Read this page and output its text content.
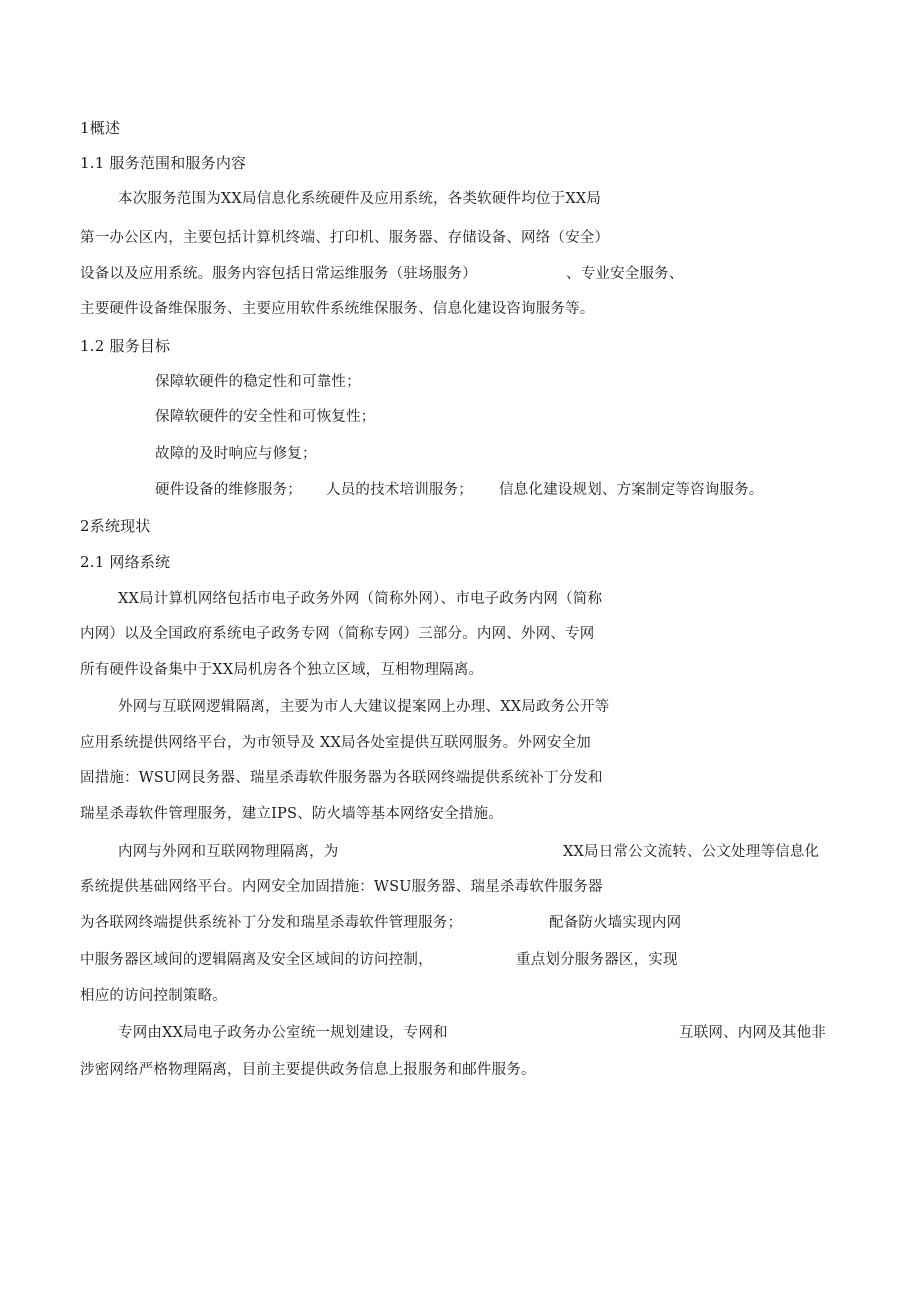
1概述
1.1 服务范围和服务内容
本次服务范围为XX局信息化系统硬件及应用系统，各类软硬件均位于XX局
第一办公区内，主要包括计算机终端、打印机、服务器、存储设备、网络（安全）
设备以及应用系统。服务内容包括日常运维服务（驻场服务）	、专业安全服务、
主要硬件设备维保服务、主要应用软件系统维保服务、信息化建设咨询服务等。
1.2 服务目标
保障软硬件的稳定性和可靠性；
保障软硬件的安全性和可恢复性；
故障的及时响应与修复；
硬件设备的维修服务； 人员的技术培训服务； 信息化建设规划、方案制定等咨询服务。
2系统现状
2.1 网络系统
XX局计算机网络包括市电子政务外网（简称外网）、市电子政务内网（简称
内网）以及全国政府系统电子政务专网（简称专网）三部分。内网、外网、专网
所有硬件设备集中于XX局机房各个独立区域，互相物理隔离。
外网与互联网逻辑隔离，主要为市人大建议提案网上办理、XX局政务公开等
应用系统提供网络平台，为市领导及 XX局各处室提供互联网服务。外网安全加
固措施：WSU网艮务器、瑞星杀毒软件服务器为各联网终端提供系统补丁分发和
瑞星杀毒软件管理服务，建立IPS、防火墙等基本网络安全措施。
内网与外网和互联网物理隔离，为	XX局日常公文流转、公文处理等信息化
系统提供基础网络平台。内网安全加固措施：WSU服务器、瑞星杀毒软件服务器
为各联网终端提供系统补丁分发和瑞星杀毒软件管理服务；	配备防火墙实现内网
中服务器区域间的逻辑隔离及安全区域间的访问控制，	重点划分服务器区，实现
相应的访问控制策略。
专网由XX局电子政务办公室统一规划建设，专网和	互联网、内网及其他非
涉密网络严格物理隔离，目前主要提供政务信息上报服务和邮件服务。
